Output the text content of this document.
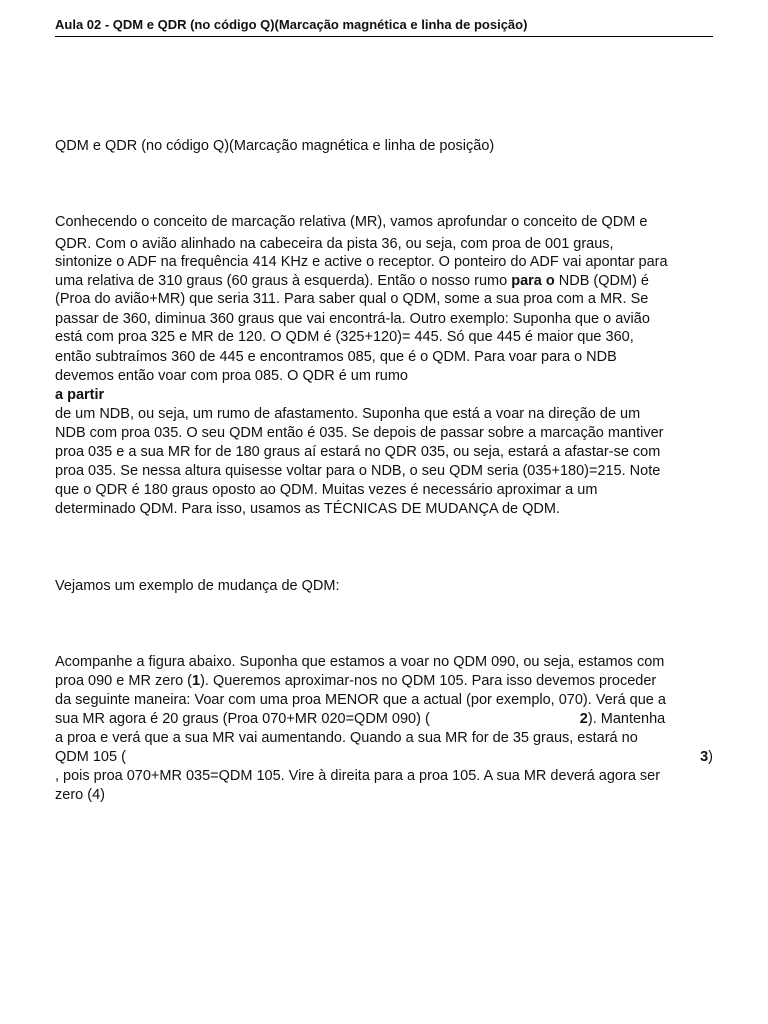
Aula 02 - QDM e QDR (no código Q)(Marcação magnética e linha de posição)
QDM e QDR (no código Q)(Marcação magnética e linha de posição)
Conhecendo o conceito de marcação relativa (MR), vamos aprofundar o conceito de QDM e
QDR. Com o avião alinhado na cabeceira da pista 36, ou seja, com proa de 001 graus,
sintonize o ADF na frequência 414 KHz e active o receptor. O ponteiro do ADF vai apontar para
uma relativa de 310 graus (60 graus à esquerda). Então o nosso rumo para o NDB (QDM) é
(Proa do avião+MR) que seria 311. Para saber qual o QDM, some a sua proa com a MR. Se
passar de 360, diminua 360 graus que vai encontrá-la. Outro exemplo: Suponha que o avião
está com proa 325 e MR de 120. O QDM é (325+120)= 445. Só que 445 é maior que 360,
então subtraímos 360 de 445 e encontramos 085, que é o QDM. Para voar para o NDB
devemos então voar com proa 085. O QDR é um rumo
a partir
de um NDB, ou seja, um rumo de afastamento. Suponha que está a voar na direção de um
NDB com proa 035. O seu QDM então é 035. Se depois de passar sobre a marcação mantiver
proa 035 e a sua MR for de 180 graus aí estará no QDR 035, ou seja, estará a afastar-se com
proa 035. Se nessa altura quisesse voltar para o NDB, o seu QDM seria (035+180)=215. Note
que o QDR é 180 graus oposto ao QDM. Muitas vezes é necessário aproximar a um
determinado QDM. Para isso, usamos as TÉCNICAS DE MUDANÇA de QDM.
Vejamos um exemplo de mudança de QDM:
Acompanhe a figura abaixo. Suponha que estamos a voar no QDM 090, ou seja, estamos com
proa 090 e MR zero (1). Queremos aproximar-nos no QDM 105. Para isso devemos proceder
da seguinte maneira: Voar com uma proa MENOR que a actual (por exemplo, 070). Verá que a
sua MR agora é 20 graus (Proa 070+MR 020=QDM 090) (	2). Mantenha
a proa e verá que a sua MR vai aumentando. Quando a sua MR for de 35 graus, estará no
QDM 105 (	3)
, pois proa 070+MR 035=QDM 105. Vire à direita para a proa 105. A sua MR deverá agora ser
zero (4)
